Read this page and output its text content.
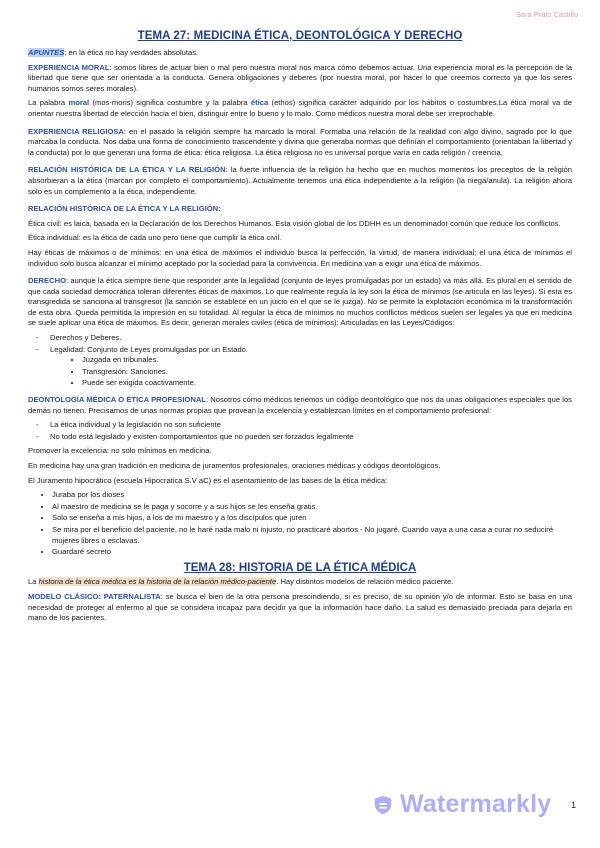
Sara Prats Castillo
TEMA 27: MEDICINA ÉTICA, DEONTOLÓGICA Y DERECHO

APUNTES: en la ética no hay verdades absolutas.

EXPERIENCIA MORAL: somos libres de actuar bien o mal pero nuestra moral nos marca cómo debemos actuar. Una experiencia moral es la percepción de la libertad que tiene que ser orientada a la conducta. Genera obligaciones y deberes (por nuestra moral, por hacer lo que creemos correcto ya que los seres humanos somos seres morales).

La palabra moral (mos-moris) significa costumbre y la palabra ética (ethos) significa carácter adquirido por los hábitos o costumbres.La ética moral va de orientar nuestra libertad de elección hacia el bien, distinguir entre lo bueno y lo malo. Como médicos nuestra moral debe ser irreprochable.

EXPERIENCIA RELIGIOSA: en el pasado la religión siempre ha marcado la moral. Formaba una relación de la realidad con algo divino, sagrado por lo que marcaba la conducta. Nos daba una forma de conocimiento trascendente y divina que generaba normas que definían el comportamiento (orientaban la libertad y la conducta) por lo que generan una forma de ética: ética religiosa. La ética religiosa no es universal porque varía en cada religión / creencia.

RELACIÓN HISTÓRICA DE LA ÉTICA Y LA RELIGIÓN: la fuerte influencia de la religión ha hecho que en muchos momentos los preceptos de la religión absorbieran a la ética (marcan por completo el comportamiento). Actualmente tenemos una ética independiente a la religión (la niega/anula). La religión ahora solo es un complemento a la ética, independiente.

RELACIÓN HISTÓRICA DE LA ÉTICA Y LA RELIGIÓN:

Ética civil: es laica, basada en la Declaración de los Derechos Humanos. Esta visión global de los DDHH es un denominador común que reduce los conflictos.

Ética individual: es la ética de cada uno pero tiene que cumplir la ética civil.

Hay éticas de máximos o de mínimos: en una ética de máximos el individuo busca la perfección, la virtud, de manera individual; el una ética de mínimos el individuo solo busca alcanzar el mínimo aceptado por la sociedad para la convivencia. En medicina van a exigir una ética de máximos.

DERECHO: aunque la ética siempre tiene que responder ante la legalidad (conjunto de leyes promulgadas por un estado) va más allá. Es plural en el sentido de que cada sociedad democrática toleran diferentes éticas de máximos. Lo que realmente regula la ley son la ética de mínimos (se articula en las leyes). Si esta es transgredida se sanciona al transgresor (la sanción se establece en un juicio en el que se le juzga). No se permite la explotación económica ni la transformación de esta obra. Queda permitida la impresión en su totalidad. Al regular la ética de mínimos no muchos conflictos médicos suelen ser legales ya que en medicina se suele aplicar una ética de máximos. Es decir, generan morales civiles (ética de mínimos): Articuladas en las Leyes/Códigos:

- Derechos y Deberes.
- Legalidad: Conjunto de Leyes promulgadas por un Estado.
• Juzgada en tribunales.
• Transgresión: Sanciones.
• Puede ser exigida coactivamente.

DEONTOLOGÍA MÉDICA O ÉTICA PROFESIONAL: Nosotros cómo médicos tenemos un código deontológico que nos da unas obligaciones especiales que los demás no tienen. Precisamos de unas normas propias que provean la excelencia y establezcan límites en el comportamiento profesional:

- La ética individual y la legislación no son suficiente
- No todo está legislado y existen comportamientos que no pueden ser forzados legalmente

Promover la excelencia: no solo mínimos en medicina.

En medicina hay una gran tradición en medicina de juramentos profesionales, oraciones médicas y códigos deontológicos.

El Juramento hipocrático (escuela Hipocratica S.V aC) es el asentamiento de las bases de la ética médica:

• Juraba por los dioses
• Al maestro de medicina se le paga y socorre y a sus hijos se les enseña gratis.
• Solo se enseña a mis hijos, a los de mi maestro y a los discípulos que juren
• Se mira por el beneficio del paciente, no le haré nada malo ni injusto, no practicaré abortos - No jugaré. Cuando vaya a una casa a curar no seduciré mujeres libres o esclavas.
• Guardaré secreto
TEMA 28: HISTORIA DE LA ÉTICA MÉDICA

La historia de la ética médica es la historia de la relación médico-paciente. Hay distintos modelos de relación médico paciente.

MODELO CLÁSICO: PATERNALISTA: se busca el bien de la otra persona prescindiendo, si es preciso, de su opinión y/o de informar. Esto se basa en una necesidad de proteger al enfermo al que se considera incapaz para decidir ya que la información hace daño. La salud es demasiado preciada para dejarla en mano de los pacientes.

Watermarkly 1
